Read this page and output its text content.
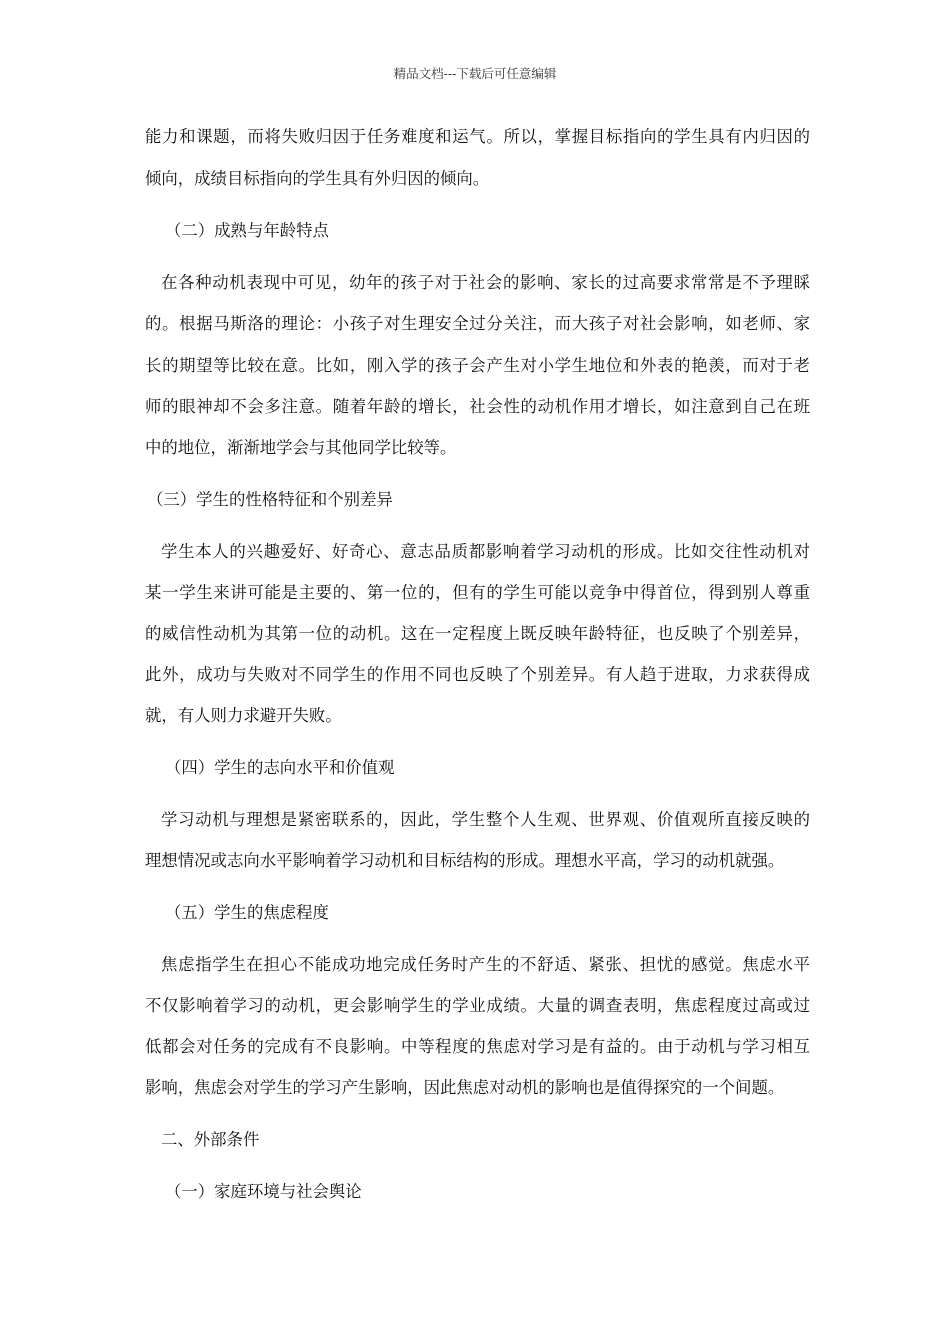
精品文档---下载后可任意编辑
能力和课题，而将失败归因于任务难度和运气。所以，掌握目标指向的学生具有内归因的
倾向，成绩目标指向的学生具有外归因的倾向。
（二）成熟与年龄特点
在各种动机表现中可见，幼年的孩子对于社会的影响、家长的过高要求常常是不予理睬
的。根据马斯洛的理论：小孩子对生理安全过分关注，而大孩子对社会影响，如老师、家
长的期望等比较在意。比如，刚入学的孩子会产生对小学生地位和外表的艳羡，而对于老
师的眼神却不会多注意。随着年龄的增长，社会性的动机作用才增长，如注意到自己在班
中的地位，渐渐地学会与其他同学比较等。
（三）学生的性格特征和个别差异
学生本人的兴趣爱好、好奇心、意志品质都影响着学习动机的形成。比如交往性动机对
某一学生来讲可能是主要的、第一位的，但有的学生可能以竞争中得首位，得到别人尊重
的威信性动机为其第一位的动机。这在一定程度上既反映年龄特征，也反映了个别差异，
此外，成功与失败对不同学生的作用不同也反映了个别差异。有人趋于进取，力求获得成
就，有人则力求避开失败。
（四）学生的志向水平和价值观
学习动机与理想是紧密联系的，因此，学生整个人生观、世界观、价值观所直接反映的
理想情况或志向水平影响着学习动机和目标结构的形成。理想水平高，学习的动机就强。
（五）学生的焦虑程度
焦虑指学生在担心不能成功地完成任务时产生的不舒适、紧张、担忧的感觉。焦虑水平
不仅影响着学习的动机，更会影响学生的学业成绩。大量的调查表明，焦虑程度过高或过
低都会对任务的完成有不良影响。中等程度的焦虑对学习是有益的。由于动机与学习相互
影响，焦虑会对学生的学习产生影响，因此焦虑对动机的影响也是值得探究的一个间题。
二、外部条件
（一）家庭环境与社会舆论
